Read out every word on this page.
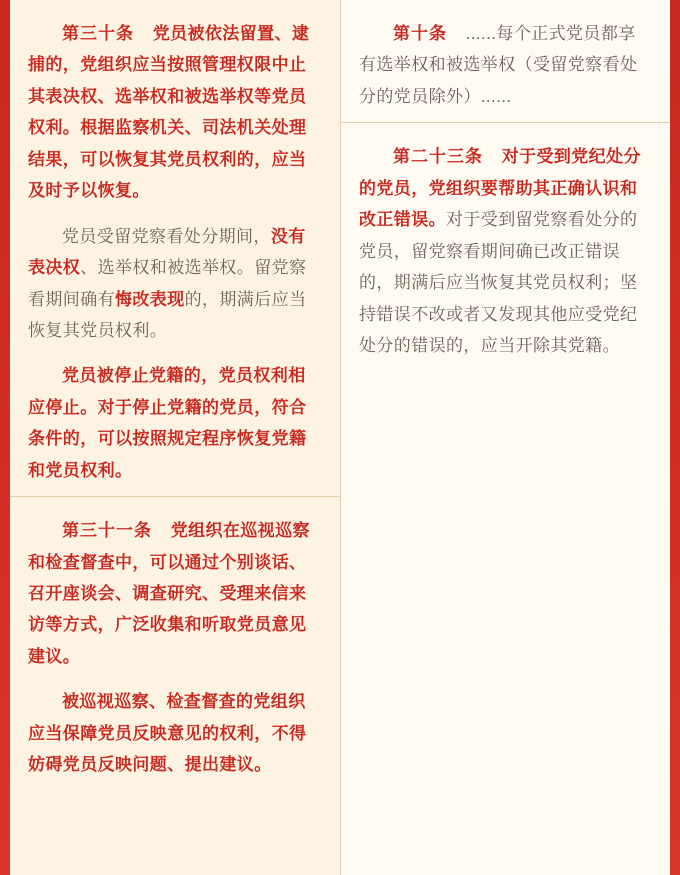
第三十条 党员被依法留置、逮捕的，党组织应当按照管理权限中止其表决权、选举权和被选举权等党员权利。根据监察机关、司法机关处理结果，可以恢复其党员权利的，应当及时予以恢复。

党员受留党察看处分期间，没有表决权、选举权和被选举权。留党察看期间确有悔改表现的，期满后应当恢复其党员权利。

党员被停止党籍的，党员权利相应停止。对于停止党籍的党员，符合条件的，可以按照规定程序恢复党籍和党员权利。

第三十一条 党组织在巡视巡察和检查督查中，可以通过个别谈话、召开座谈会、调查研究、受理来信来访等方式，广泛收集和听取党员意见建议。

被巡视巡察、检查督查的党组织应当保障党员反映意见的权利，不得妨碍党员反映问题、提出建议。

第十条 ......每个正式党员都享有选举权和被选举权（受留党察看处分的党员除外）......

第二十三条 对于受到党纪处分的党员，党组织要帮助其正确认识和改正错误。对于受到留党察看处分的党员，留党察看期间确已改正错误的，期满后应当恢复其党员权利；坚持错误不改或者又发现其他应受党纪处分的错误的，应当开除其党籍。
